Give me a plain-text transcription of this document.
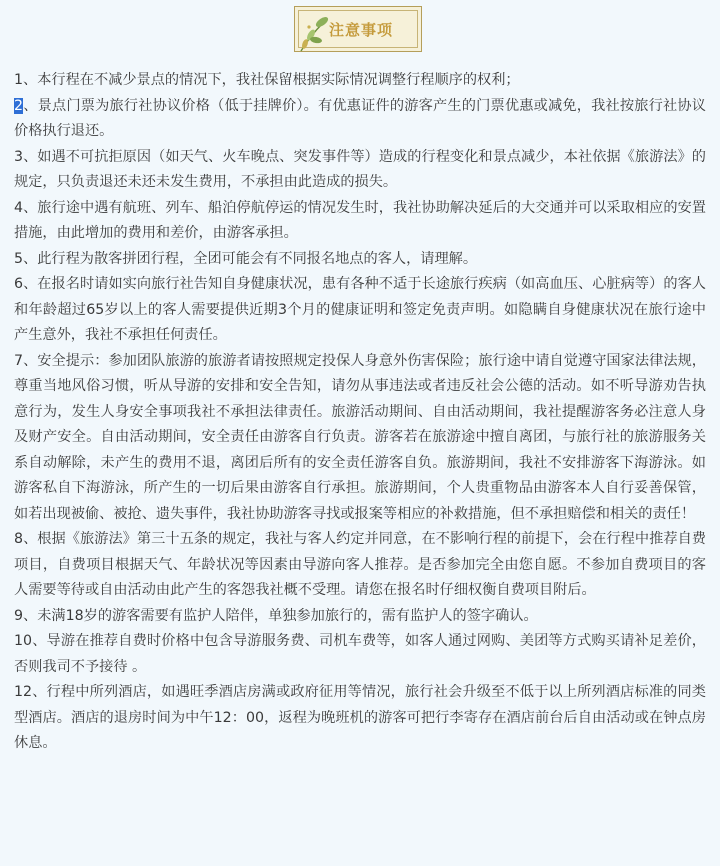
注意事项

1、本行程在不减少景点的情况下，我社保留根据实际情况调整行程顺序的权利；

2、景点门票为旅行社协议价格（低于挂牌价）。有优惠证件的游客产生的门票优惠或减免，我社按旅行社协议价格执行退还。

3、如遇不可抗拒原因（如天气、火车晚点、突发事件等）造成的行程变化和景点减少，本社依据《旅游法》的规定，只负责退还未还未发生费用，不承担由此造成的损失。

4、旅行途中遇有航班、列车、船泊停航停运的情况发生时，我社协助解决延后的大交通并可以采取相应的安置措施，由此增加的费用和差价，由游客承担。

5、此行程为散客拼团行程，全团可能会有不同报名地点的客人，请理解。

6、在报名时请如实向旅行社告知自身健康状况，患有各种不适于长途旅行疾病（如高血压、心脏病等）的客人和年龄超过65岁以上的客人需要提供近期3个月的健康证明和签定免责声明。如隐瞒自身健康状况在旅行途中产生意外，我社不承担任何责任。

7、安全提示：参加团队旅游的旅游者请按照规定投保人身意外伤害保险；旅行途中请自觉遵守国家法律法规，尊重当地风俗习惯，听从导游的安排和安全告知，请勿从事违法或者违反社会公德的活动。如不听导游劝告执意行为，发生人身安全事项我社不承担法律责任。旅游活动期间、自由活动期间，我社提醒游客务必注意人身及财产安全。自由活动期间，安全责任由游客自行负责。游客若在旅游途中擅自离团，与旅行社的旅游服务关系自动解除，未产生的费用不退，离团后所有的安全责任游客自负。旅游期间，我社不安排游客下海游泳。如游客私自下海游泳，所产生的一切后果由游客自行承担。旅游期间，个人贵重物品由游客本人自行妥善保管，如若出现被偷、被抢、遗失事件，我社协助游客寻找或报案等相应的补救措施，但不承担赔偿和相关的责任！

8、根据《旅游法》第三十五条的规定，我社与客人约定并同意，在不影响行程的前提下，会在行程中推荐自费项目，自费项目根据天气、年龄状况等因素由导游向客人推荐。是否参加完全由您自愿。不参加自费项目的客人需要等待或自由活动由此产生的客怨我社概不受理。请您在报名时仔细权衡自费项目附后。

9、未满18岁的游客需要有监护人陪伴，单独参加旅行的，需有监护人的签字确认。

10、导游在推荐自费时价格中包含导游服务费、司机车费等，如客人通过网购、美团等方式购买请补足差价，否则我司不予接待 。

12、行程中所列酒店，如遇旺季酒店房满或政府征用等情况，旅行社会升级至不低于以上所列酒店标准的同类型酒店。酒店的退房时间为中午12：00，返程为晚班机的游客可把行李寄存在酒店前台后自由活动或在钟点房休息。
